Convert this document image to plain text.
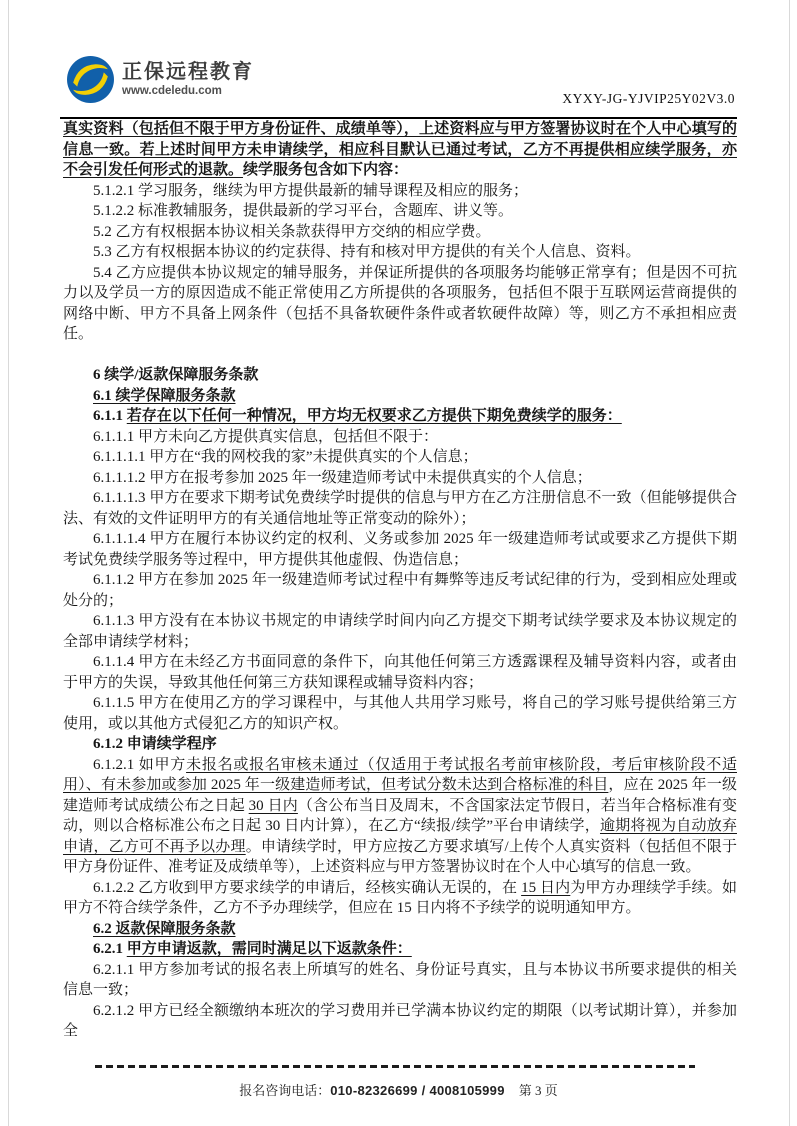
正保远程教育
www.cdeledu.com	XYXY-JG-YJVIP25Y02V3.0

真实资料（包括但不限于甲方身份证件、成绩单等），上述资料应与甲方签署协议时在个人中心填写的信息一致。若上述时间甲方未申请续学，相应科目默认已通过考试，乙方不再提供相应续学服务，亦不会引发任何形式的退款。续学服务包含如下内容：

5.1.2.1 学习服务，继续为甲方提供最新的辅导课程及相应的服务；

5.1.2.2 标准教辅服务，提供最新的学习平台，含题库、讲义等。

5.2 乙方有权根据本协议相关条款获得甲方交纳的相应学费。

5.3 乙方有权根据本协议的约定获得、持有和核对甲方提供的有关个人信息、资料。

5.4 乙方应提供本协议规定的辅导服务，并保证所提供的各项服务均能够正常享有；但是因不可抗力以及学员一方的原因造成不能正常使用乙方所提供的各项服务，包括但不限于互联网运营商提供的网络中断、甲方不具备上网条件（包括不具备软硬件条件或者软硬件故障）等，则乙方不承担相应责任。

6 续学/返款保障服务条款

6.1 续学保障服务条款

6.1.1 若存在以下任何一种情况，甲方均无权要求乙方提供下期免费续学的服务：

6.1.1.1 甲方未向乙方提供真实信息，包括但不限于：

6.1.1.1.1 甲方在“我的网校我的家”未提供真实的个人信息；

6.1.1.1.2 甲方在报考参加 2025 年一级建造师考试中未提供真实的个人信息；

6.1.1.1.3 甲方在要求下期考试免费续学时提供的信息与甲方在乙方注册信息不一致（但能够提供合法、有效的文件证明甲方的有关通信地址等正常变动的除外）；

6.1.1.1.4 甲方在履行本协议约定的权利、义务或参加 2025 年一级建造师考试或要求乙方提供下期考试免费续学服务等过程中，甲方提供其他虚假、伪造信息；

6.1.1.2 甲方在参加 2025 年一级建造师考试过程中有舞弊等违反考试纪律的行为，受到相应处理或处分的；

6.1.1.3 甲方没有在本协议书规定的申请续学时间内向乙方提交下期考试续学要求及本协议规定的全部申请续学材料；

6.1.1.4 甲方在未经乙方书面同意的条件下，向其他任何第三方透露课程及辅导资料内容，或者由于甲方的失误，导致其他任何第三方获知课程或辅导资料内容；

6.1.1.5 甲方在使用乙方的学习课程中，与其他人共用学习账号，将自己的学习账号提供给第三方使用，或以其他方式侵犯乙方的知识产权。

6.1.2 申请续学程序

6.1.2.1 如甲方未报名或报名审核未通过（仅适用于考试报名考前审核阶段，考后审核阶段不适用）、有未参加或参加 2025 年一级建造师考试，但考试分数未达到合格标准的科目，应在 2025 年一级建造师考试成绩公布之日起 30 日内（含公布当日及周末，不含国家法定节假日，若当年合格标准有变动，则以合格标准公布之日起 30 日内计算），在乙方“续报/续学”平台申请续学，逾期将视为自动放弃申请，乙方可不再予以办理。申请续学时，甲方应按乙方要求填写/上传个人真实资料（包括但不限于甲方身份证件、准考证及成绩单等），上述资料应与甲方签署协议时在个人中心填写的信息一致。

6.1.2.2 乙方收到甲方要求续学的申请后，经核实确认无误的，在 15 日内为甲方办理续学手续。如甲方不符合续学条件，乙方不予办理续学，但应在 15 日内将不予续学的说明通知甲方。

6.2 返款保障服务条款

6.2.1 甲方申请返款，需同时满足以下返款条件：

6.2.1.1 甲方参加考试的报名表上所填写的姓名、身份证号真实，且与本协议书所要求提供的相关信息一致；

6.2.1.2 甲方已经全额缴纳本班次的学习费用并已学满本协议约定的期限（以考试期计算），并参加全

报名咨询电话：010-82326699 / 4008105999 第 3 页
